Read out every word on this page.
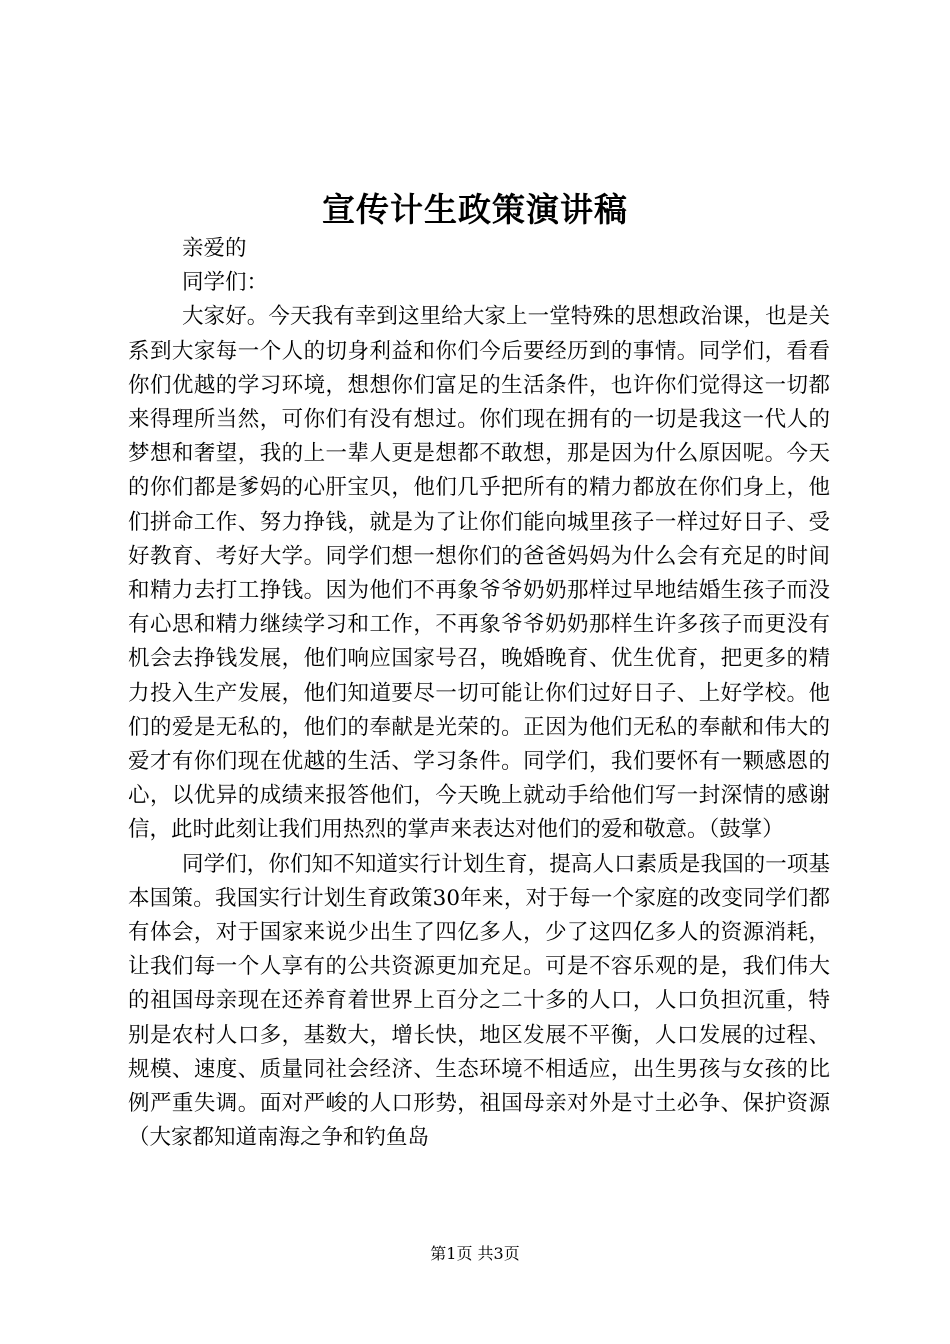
宣传计生政策演讲稿

亲爱的

同学们：

大家好。今天我有幸到这里给大家上一堂特殊的思想政治课，也是关系到大家每一个人的切身利益和你们今后要经历到的事情。同学们，看看你们优越的学习环境，想想你们富足的生活条件，也许你们觉得这一切都来得理所当然，可你们有没有想过。你们现在拥有的一切是我这一代人的梦想和奢望，我的上一辈人更是想都不敢想，那是因为什么原因呢。今天的你们都是爹妈的心肝宝贝，他们几乎把所有的精力都放在你们身上，他们拼命工作、努力挣钱，就是为了让你们能向城里孩子一样过好日子、受好教育、考好大学。同学们想一想你们的爸爸妈妈为什么会有充足的时间和精力去打工挣钱。因为他们不再象爷爷奶奶那样过早地结婚生孩子而没有心思和精力继续学习和工作，不再象爷爷奶奶那样生许多孩子而更没有机会去挣钱发展，他们响应国家号召，晚婚晚育、优生优育，把更多的精力投入生产发展，他们知道要尽一切可能让你们过好日子、上好学校。他们的爱是无私的，他们的奉献是光荣的。正因为他们无私的奉献和伟大的爱才有你们现在优越的生活、学习条件。同学们，我们要怀有一颗感恩的心，以优异的成绩来报答他们，今天晚上就动手给他们写一封深情的感谢信，此时此刻让我们用热烈的掌声来表达对他们的爱和敬意。（鼓掌）

同学们，你们知不知道实行计划生育，提高人口素质是我国的一项基本国策。我国实行计划生育政策30年来，对于每一个家庭的改变同学们都有体会，对于国家来说少出生了四亿多人，少了这四亿多人的资源消耗，让我们每一个人享有的公共资源更加充足。可是不容乐观的是，我们伟大的祖国母亲现在还养育着世界上百分之二十多的人口，人口负担沉重，特别是农村人口多，基数大，增长快，地区发展不平衡，人口发展的过程、规模、速度、质量同社会经济、生态环境不相适应，出生男孩与女孩的比例严重失调。面对严峻的人口形势，祖国母亲对外是寸土必争、保护资源（大家都知道南海之争和钓鱼岛

第1页 共3页
